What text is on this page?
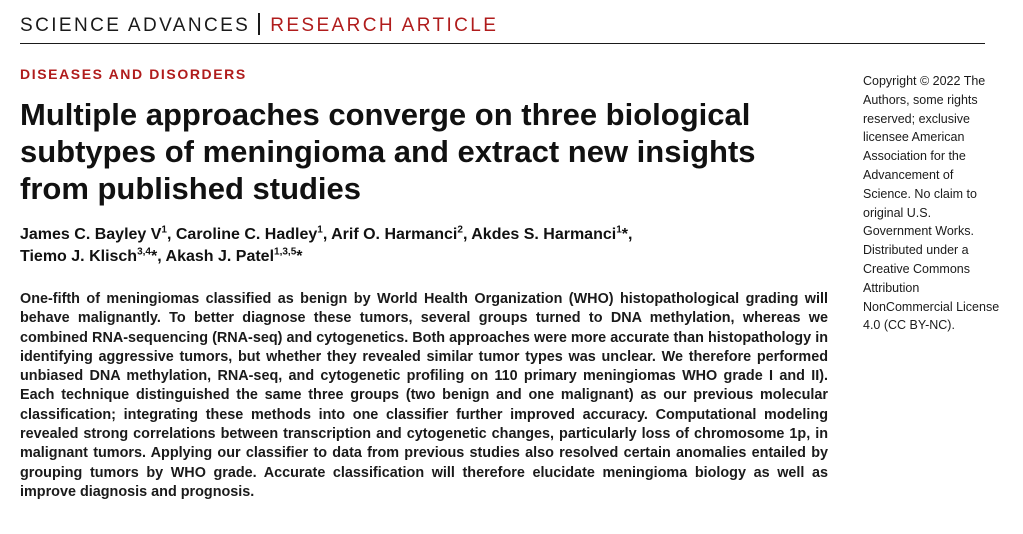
SCIENCE ADVANCES RESEARCH ARTICLE
DISEASES AND DISORDERS
Multiple approaches converge on three biological subtypes of meningioma and extract new insights from published studies
James C. Bayley $V^1$, Caroline C. Hadley$^1$, Arif O. Harmanci$^2$, Akdes S. Harmanci$^1$*,
Tiemo J. Klisch$^{3,4}$*, Akash J. Patel$^{1,3,5}$*

One-fifth of meningiomas classified as benign by World Health Organization (WHO) histopathological grading will behave malignantly. To better diagnose these tumors, several groups turned to DNA methylation, whereas we combined RNA-sequencing (RNA-seq) and cytogenetics. Both approaches were more accurate than histopathology in identifying aggressive tumors, but whether they revealed similar tumor types was unclear. We therefore performed unbiased DNA methylation, RNA-seq, and cytogenetic profiling on 110 primary meningiomas WHO grade I and II). Each technique distinguished the same three groups (two benign and one malignant) as our previous molecular classification; integrating these methods into one classifier further improved accuracy. Computational modeling revealed strong correlations between transcription and cytogenetic changes, particularly loss of chromosome 1p, in malignant tumors. Applying our classifier to data from previous studies also resolved certain anomalies entailed by grouping tumors by WHO grade. Accurate classification will therefore elucidate meningioma biology as well as improve diagnosis and prognosis.

Copyright © 2022 The Authors, some rights reserved; exclusive licensee American Association for the Advancement of Science. No claim to original U.S. Government Works. Distributed under a Creative Commons Attribution NonCommercial License 4.0 (CC BY-NC).
